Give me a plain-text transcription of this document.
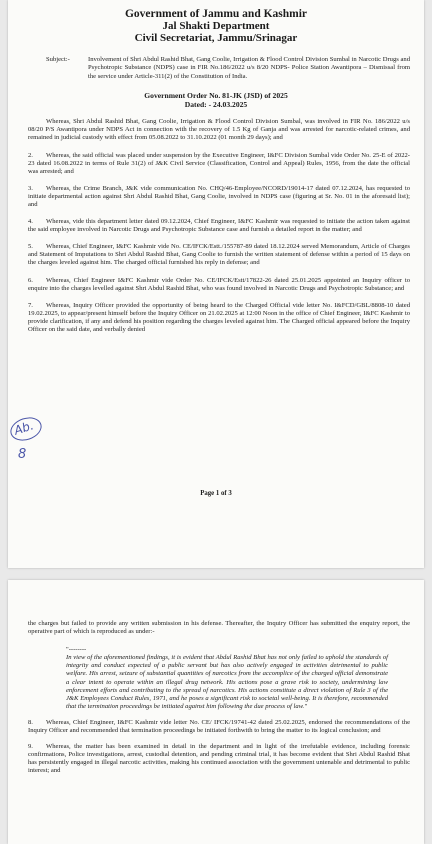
Government of Jammu and Kashmir
Jal Shakti Department
Civil Secretariat, Jammu/Srinagar
Subject:-	Involvement of Shri Abdul Rashid Bhat, Gang Coolie, Irrigation & Flood Control Division Sumbal in Narcotic Drugs and Psychotropic Substance (NDPS) case in FIR No.186/2022 u/s 8/20 NDPS- Police Station Awantipora – Dismissal from the service under Article-311(2) of the Constitution of India.
Government Order No. 81-JK (JSD) of 2025
Dated: - 24.03.2025
Whereas, Shri Abdul Rashid Bhat, Gang Coolie, Irrigation & Flood Control Division Sumbal, was involved in FIR No. 186/2022 u/s 08/20 P/S Awantipora under NDPS Act in connection with the recovery of 1.5 Kg of Ganja and was arrested for narcotic-related crimes, and remained in judicial custody with effect from 05.08.2022 to 31.10.2022 (01 month 29 days); and
2. Whereas, the said official was placed under suspension by the Executive Engineer, I&FC Division Sumbal vide Order No. 25-E of 2022-23 dated 16.08.2022 in terms of Rule 31(2) of J&K Civil Service (Classification, Control and Appeal) Rules, 1956, from the date the official was arrested; and
3. Whereas, the Crime Branch, J&K vide communication No. CHQ/46-Employee/NCORD/19014-17 dated 07.12.2024, has requested to initiate departmental action against Shri Abdul Rashid Bhat, Gang Coolie, involved in NDPS case (figuring at Sr. No. 01 in the aforesaid list); and
4. Whereas, vide this department letter dated 09.12.2024, Chief Engineer, I&FC Kashmir was requested to initiate the action taken against the said employee involved in Narcotic Drugs and Psychotropic Substance case and furnish a detailed report in the matter; and
5. Whereas, Chief Engineer, I&FC Kashmir vide No. CE/IFCK/Estt./155787-89 dated 18.12.2024 served Memorandum, Article of Charges and Statement of Imputations to Shri Abdul Rashid Bhat, Gang Coolie to furnish the written statement of defense within a period of 15 days on the charges leveled against him. The charged official furnished his reply in defense; and
6. Whereas, Chief Engineer I&FC Kashmir vide Order No. CE/IFCK/Estt/17822-26 dated 25.01.2025 appointed an Inquiry officer to enquire into the charges levelled against Shri Abdul Rashid Bhat, who was found involved in Narcotic Drugs and Psychotropic Substance; and
7. Whereas, Inquiry Officer provided the opportunity of being heard to the Charged Official vide letter No. I&FCD/GBL/8808-10 dated 19.02.2025, to appear/present himself before the Inquiry Officer on 21.02.2025 at 12:00 Noon in the office of Chief Engineer, I&FC Kashmir to provide clarification, if any and defend his position regarding the charges leveled against him. The Charged official appeared before the Inquiry Officer on the said date, and verbally denied
Ab.
8
Page 1 of 3
the charges but failed to provide any written submission in his defense. Thereafter, the Inquiry Officer has submitted the enquiry report, the operative part of which is reproduced as under:-
"--------
In view of the aforementioned findings, it is evident that Abdul Rashid Bhat has not only failed to uphold the standards of integrity and conduct expected of a public servant but has also actively engaged in activities detrimental to public welfare. His arrest, seizure of substantial quantities of narcotics from the accomplice of the charged official demonstrate a clear intent to operate within an illegal drug network. His actions pose a grave risk to society, undermining law enforcement efforts and contributing to the spread of narcotics. His actions constitute a direct violation of Rule 3 of the J&K Employees Conduct Rules, 1971, and he poses a significant risk to societal well-being. It is therefore, recommended that the termination proceedings be initiated against him following the due process of law."
8. Whereas, Chief Engineer, I&FC Kashmir vide letter No. CE/ IFCK/19741-42 dated 25.02.2025, endorsed the recommendations of the Inquiry Officer and recommended that termination proceedings be initiated forthwith to bring the matter to its logical conclusion; and
9. Whereas, the matter has been examined in detail in the department and in light of the irrefutable evidence, including forensic confirmations, Police investigations, arrest, custodial detention, and pending criminal trial, it has become evident that Shri Abdul Rashid Bhat has persistently engaged in illegal narcotic activities, making his continued association with the government untenable and detrimental to public interest; and
